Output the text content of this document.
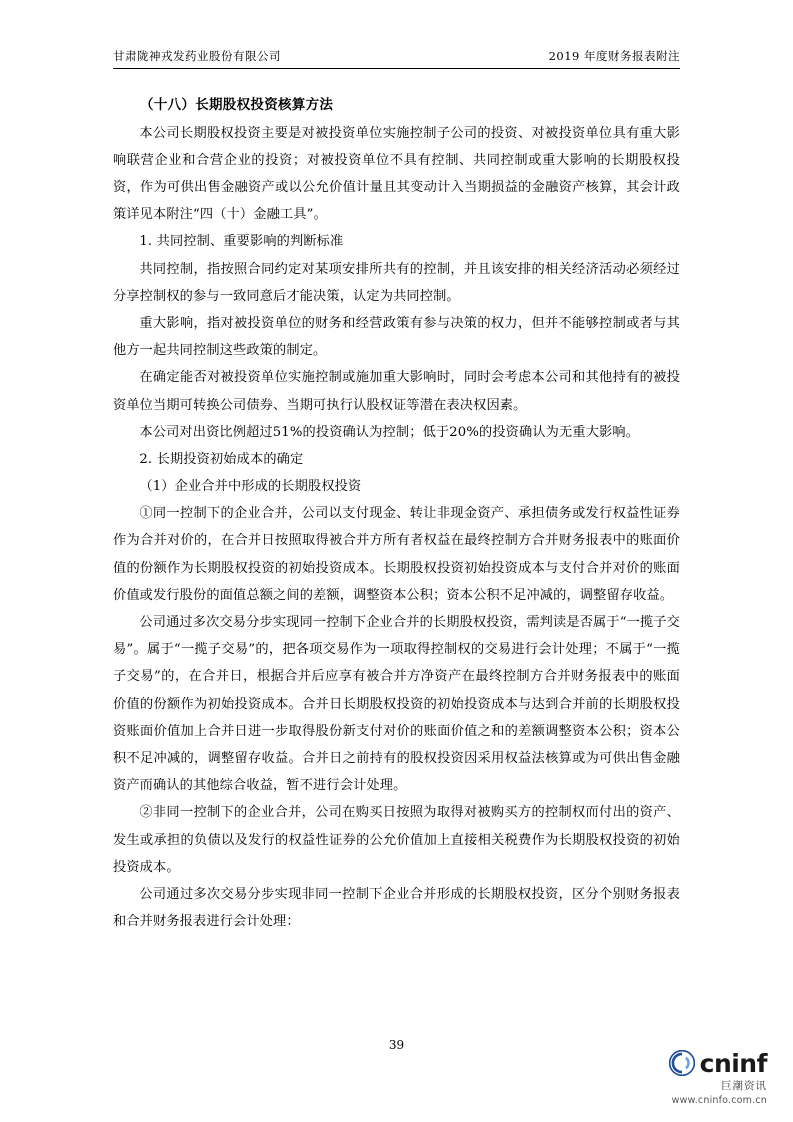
甘肃陇神戎发药业股份有限公司	2019 年度财务报表附注
（十八）长期股权投资核算方法

本公司长期股权投资主要是对被投资单位实施控制子公司的投资、对被投资单位具有重大影响联营企业和合营企业的投资；对被投资单位不具有控制、共同控制或重大影响的长期股权投资，作为可供出售金融资产或以公允价值计量且其变动计入当期损益的金融资产核算，其会计政策详见本附注“四（十）金融工具”。

1. 共同控制、重要影响的判断标准

共同控制，指按照合同约定对某项安排所共有的控制，并且该安排的相关经济活动必须经过分享控制权的参与一致同意后才能决策，认定为共同控制。

重大影响，指对被投资单位的财务和经营政策有参与决策的权力，但并不能够控制或者与其他方一起共同控制这些政策的制定。

在确定能否对被投资单位实施控制或施加重大影响时，同时会考虑本公司和其他持有的被投资单位当期可转换公司债券、当期可执行认股权证等潜在表决权因素。

本公司对出资比例超过51%的投资确认为控制；低于20%的投资确认为无重大影响。

2. 长期投资初始成本的确定

（1）企业合并中形成的长期股权投资

①同一控制下的企业合并，公司以支付现金、转让非现金资产、承担债务或发行权益性证券作为合并对价的，在合并日按照取得被合并方所有者权益在最终控制方合并财务报表中的账面价值的份额作为长期股权投资的初始投资成本。长期股权投资初始投资成本与支付合并对价的账面价值或发行股份的面值总额之间的差额，调整资本公积；资本公积不足冲减的，调整留存收益。

公司通过多次交易分步实现同一控制下企业合并的长期股权投资，需判读是否属于“一揽子交易”。属于“一揽子交易”的，把各项交易作为一项取得控制权的交易进行会计处理；不属于“一揽子交易”的，在合并日，根据合并后应享有被合并方净资产在最终控制方合并财务报表中的账面价值的份额作为初始投资成本。合并日长期股权投资的初始投资成本与达到合并前的长期股权投资账面价值加上合并日进一步取得股份新支付对价的账面价值之和的差额调整资本公积；资本公积不足冲减的，调整留存收益。合并日之前持有的股权投资因采用权益法核算或为可供出售金融资产而确认的其他综合收益，暂不进行会计处理。

②非同一控制下的企业合并，公司在购买日按照为取得对被购买方的控制权而付出的资产、发生或承担的负债以及发行的权益性证券的公允价值加上直接相关税费作为长期股权投资的初始投资成本。

公司通过多次交易分步实现非同一控制下企业合并形成的长期股权投资，区分个别财务报表和合并财务报表进行会计处理：

39
cninf
巨潮资讯
www.cninfo.com.cn
